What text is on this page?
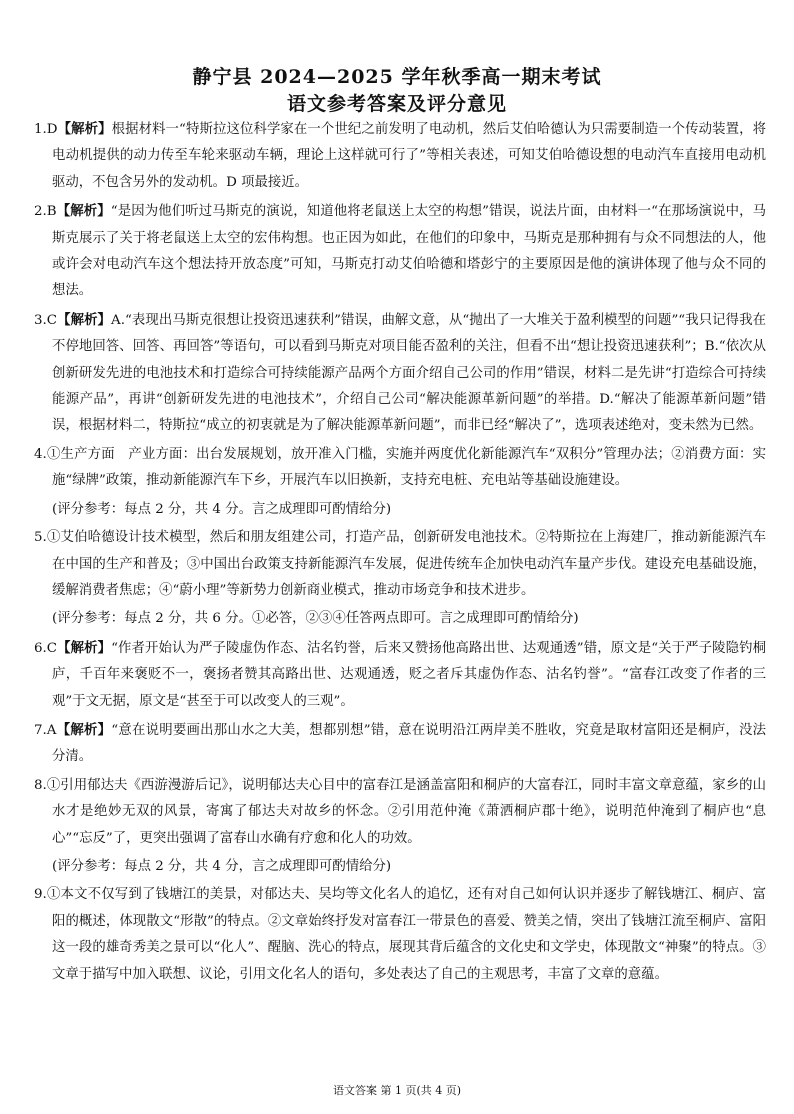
静宁县 2024—2025 学年秋季高一期末考试
语文参考答案及评分意见

1.D【解析】根据材料一“特斯拉这位科学家在一个世纪之前发明了电动机，然后艾伯哈德认为只需要制造一个传动装置，将电动机提供的动力传至车轮来驱动车辆，理论上这样就可行了”等相关表述，可知艾伯哈德设想的电动汽车直接用电动机驱动，不包含另外的发动机。D 项最接近。

2.B【解析】“是因为他们听过马斯克的演说，知道他将老鼠送上太空的构想”错误，说法片面，由材料一“在那场演说中，马斯克展示了关于将老鼠送上太空的宏伟构想。也正因为如此，在他们的印象中，马斯克是那种拥有与众不同想法的人，他或许会对电动汽车这个想法持开放态度”可知，马斯克打动艾伯哈德和塔彭宁的主要原因是他的演讲体现了他与众不同的想法。

3.C【解析】A.“表现出马斯克很想让投资迅速获利”错误，曲解文意，从“抛出了一大堆关于盈利模型的问题”“我只记得我在不停地回答、回答、再回答”等语句，可以看到马斯克对项目能否盈利的关注，但看不出“想让投资迅速获利”；B.“依次从创新研发先进的电池技术和打造综合可持续能源产品两个方面介绍自己公司的作用”错误，材料二是先讲“打造综合可持续能源产品”，再讲“创新研发先进的电池技术”，介绍自己公司“解决能源革新问题”的举措。D.“解决了能源革新问题”错误，根据材料二，特斯拉“成立的初衷就是为了解决能源革新问题”，而非已经“解决了”，选项表述绝对，变未然为已然。

4.①生产方面　产业方面：出台发展规划，放开准入门槛，实施并两度优化新能源汽车“双积分”管理办法；②消费方面：实施“绿牌”政策，推动新能源汽车下乡，开展汽车以旧换新，支持充电桩、充电站等基础设施建设。

(评分参考：每点 2 分，共 4 分。言之成理即可酌情给分)

5.①艾伯哈德设计技术模型，然后和朋友组建公司，打造产品，创新研发电池技术。②特斯拉在上海建厂，推动新能源汽车在中国的生产和普及；③中国出台政策支持新能源汽车发展，促进传统车企加快电动汽车量产步伐。建设充电基础设施，缓解消费者焦虑；④“蔚小理”等新势力创新商业模式，推动市场竞争和技术进步。

(评分参考：每点 2 分，共 6 分。①必答，②③④任答两点即可。言之成理即可酌情给分)

6.C【解析】“作者开始认为严子陵虚伪作态、沽名钓誉，后来又赞扬他高路出世、达观通透”错，原文是“关于严子陵隐钓桐庐，千百年来褒贬不一，褒扬者赞其高路出世、达观通透，贬之者斥其虚伪作态、沽名钓誉”。“富春江改变了作者的三观”于文无据，原文是“甚至于可以改变人的三观”。

7.A【解析】“意在说明要画出那山水之大美，想都别想”错，意在说明沿江两岸美不胜收，究竟是取材富阳还是桐庐，没法分清。

8.①引用郁达夫《西游漫游后记》，说明郁达夫心目中的富春江是涵盖富阳和桐庐的大富春江，同时丰富文章意蕴，家乡的山水才是绝妙无双的风景，寄寓了郁达夫对故乡的怀念。②引用范仲淹《萧洒桐庐郡十绝》，说明范仲淹到了桐庐也“息心”“忘反”了，更突出强调了富春山水确有疗愈和化人的功效。

(评分参考：每点 2 分，共 4 分，言之成理即可酌情给分)

9.①本文不仅写到了钱塘江的美景，对郁达夫、吴均等文化名人的追忆，还有对自己如何认识并逐步了解钱塘江、桐庐、富阳的概述，体现散文“形散”的特点。②文章始终抒发对富春江一带景色的喜爱、赞美之情，突出了钱塘江流至桐庐、富阳这一段的雄奇秀美之景可以“化人”、醒脑、洗心的特点，展现其背后蕴含的文化史和文学史，体现散文“神聚”的特点。③文章于描写中加入联想、议论，引用文化名人的语句，多处表达了自己的主观思考，丰富了文章的意蕴。

语文答案 第 1 页(共 4 页)
